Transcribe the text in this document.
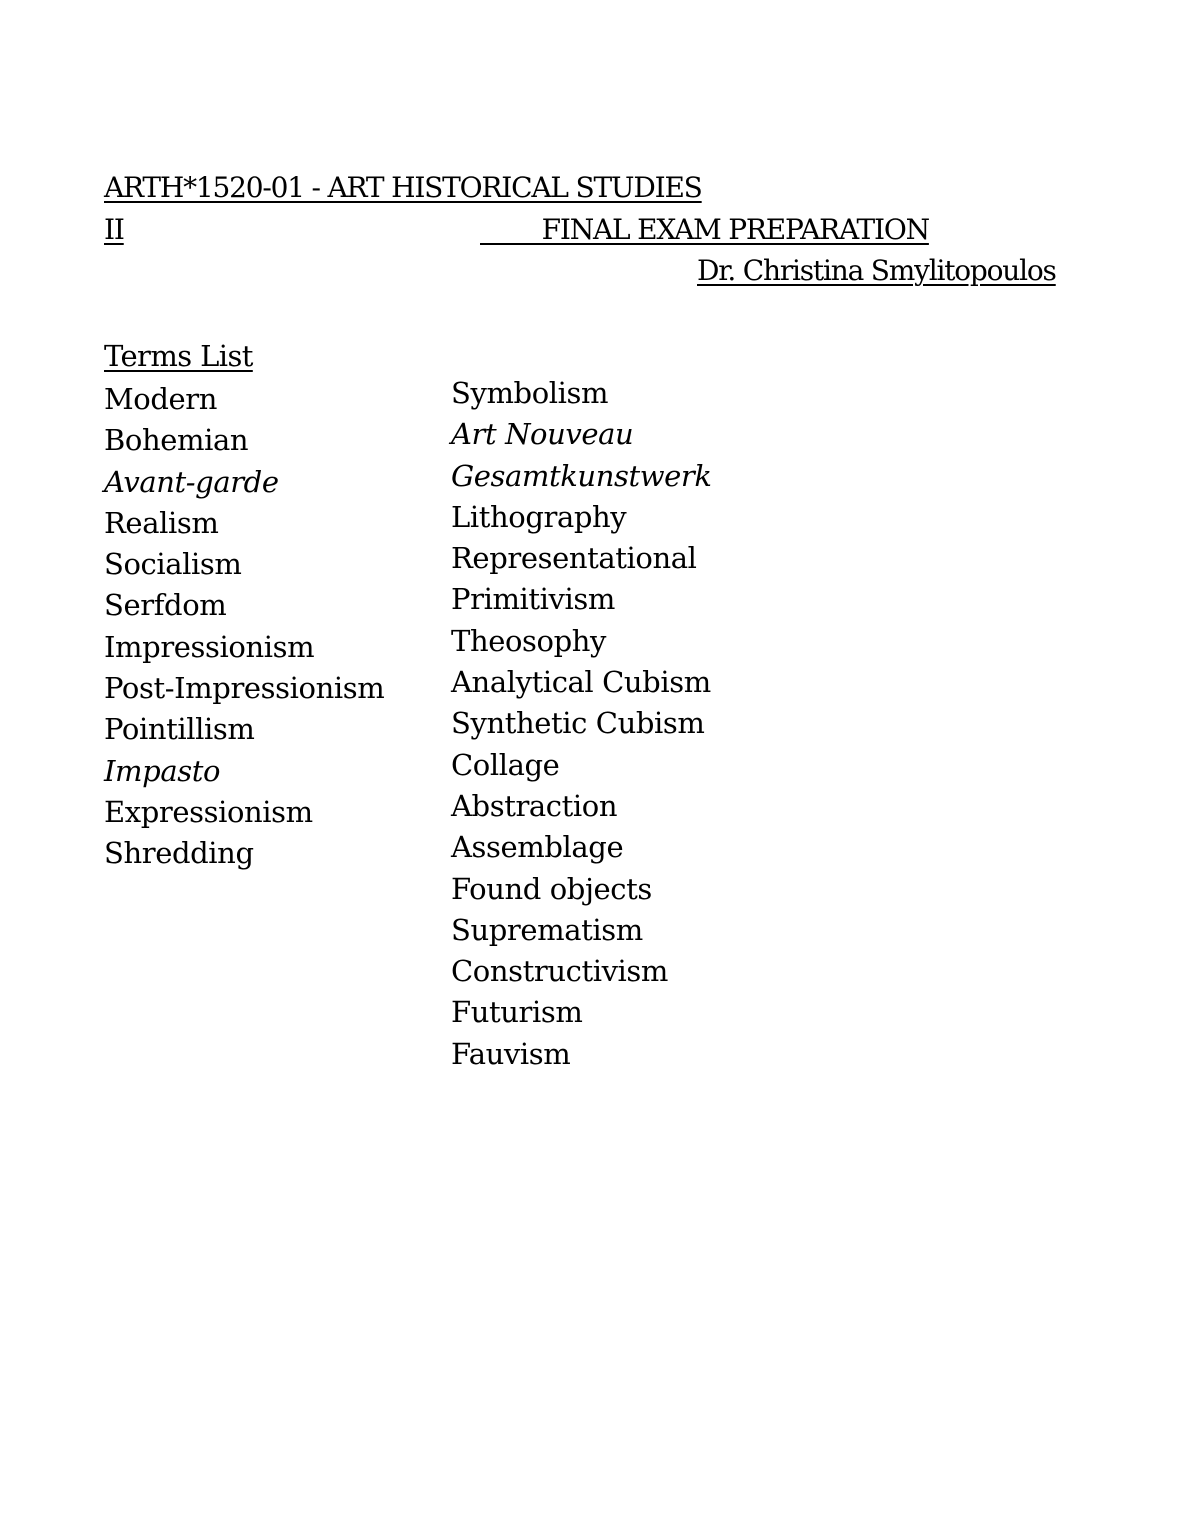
ARTH*1520-01 - ART HISTORICAL STUDIES
II	FINAL EXAM PREPARATION
Dr. Christina Smylitopoulos
Terms List
Modern
Bohemian
Avant-garde
Realism
Socialism
Serfdom
Impressionism
Post-Impressionism
Pointillism
Impasto
Expressionism
Shredding
Symbolism
Art Nouveau
Gesamtkunstwerk
Lithography
Representational
Primitivism
Theosophy
Analytical Cubism
Synthetic Cubism
Collage
Abstraction
Assemblage
Found objects
Suprematism
Constructivism
Futurism
Fauvism
